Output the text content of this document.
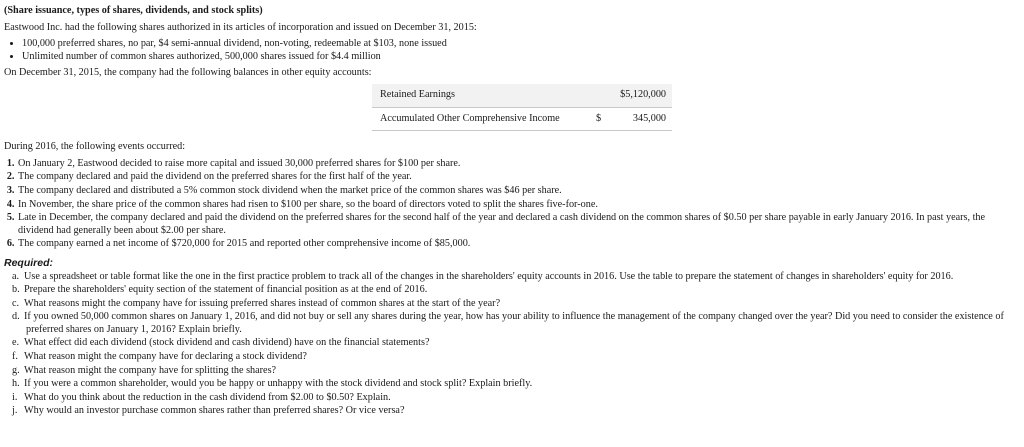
(Share issuance, types of shares, dividends, and stock splits)
Eastwood Inc. had the following shares authorized in its articles of incorporation and issued on December 31, 2015:
• 100,000 preferred shares, no par, $4 semi-annual dividend, non-voting, redeemable at $103, none issued
• Unlimited number of common shares authorized, 500,000 shares issued for $4.4 million
On December 31, 2015, the company had the following balances in other equity accounts:
Retained Earnings	$5,120,000

Accumulated Other Comprehensive Income	$ 345,000
During 2016, the following events occurred:
1. On January 2, Eastwood decided to raise more capital and issued 30,000 preferred shares for $100 per share.
2. The company declared and paid the dividend on the preferred shares for the first half of the year.
3. The company declared and distributed a 5% common stock dividend when the market price of the common shares was $46 per share.
4. In November, the share price of the common shares had risen to $100 per share, so the board of directors voted to split the shares five-for-one.
5. Late in December, the company declared and paid the dividend on the preferred shares for the second half of the year and declared a cash dividend on the common shares of $0.50 per share payable in early January 2016. In past years, the dividend had generally been about $2.00 per share.
6. The company earned a net income of $720,000 for 2015 and reported other comprehensive income of $85,000.
Required:
a. Use a spreadsheet or table format like the one in the first practice problem to track all of the changes in the shareholders' equity accounts in 2016. Use the table to prepare the statement of changes in shareholders' equity for 2016.
b. Prepare the shareholders' equity section of the statement of financial position as at the end of 2016.
c. What reasons might the company have for issuing preferred shares instead of common shares at the start of the year?
d. If you owned 50,000 common shares on January 1, 2016, and did not buy or sell any shares during the year, how has your ability to influence the management of the company changed over the year? Did you need to consider the existence of preferred shares on January 1, 2016? Explain briefly.
e. What effect did each dividend (stock dividend and cash dividend) have on the financial statements?
f. What reason might the company have for declaring a stock dividend?
g. What reason might the company have for splitting the shares?
h. If you were a common shareholder, would you be happy or unhappy with the stock dividend and stock split? Explain briefly.
i. What do you think about the reduction in the cash dividend from $2.00 to $0.50? Explain.
j. Why would an investor purchase common shares rather than preferred shares? Or vice versa?
